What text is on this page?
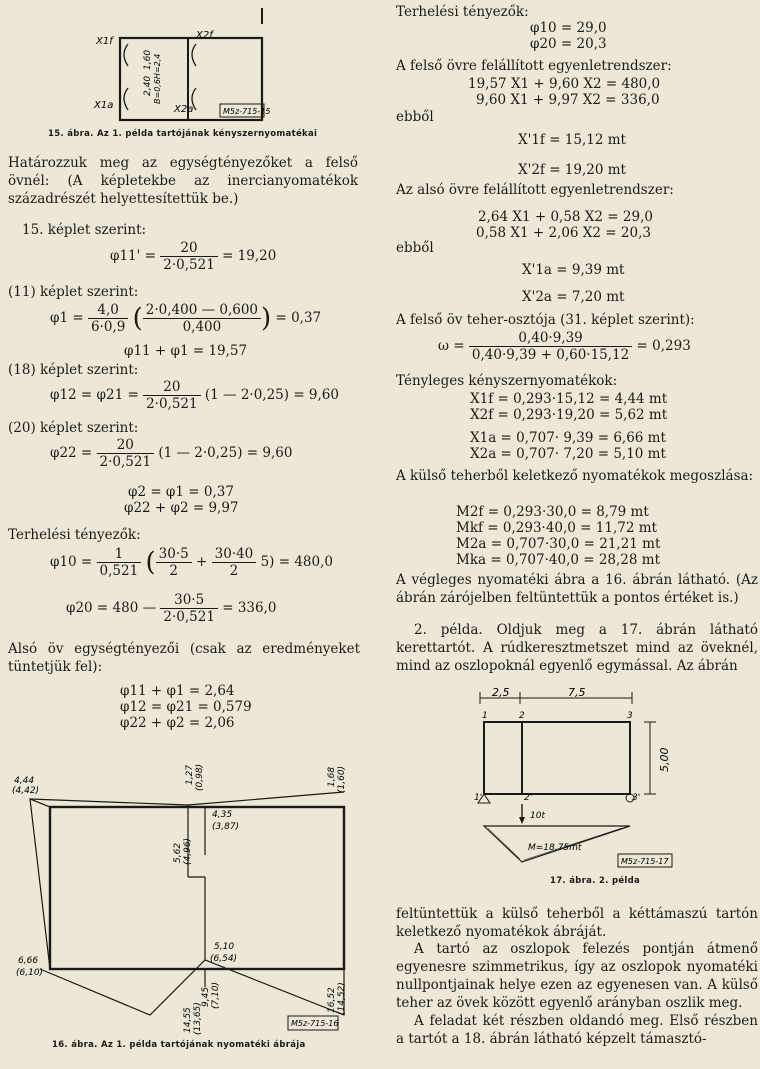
X1f
X2f
X1a	X2a
2,40
1,60 B=0,6H=2,4
M5z-715-15
15. ábra. Az 1. példa tartójának kényszernyomatékai
Határozzuk meg az egységtényezőket a felső övnél: (A képletekbe az inercianyomatékok századrészét helyettesítettük be.)
15. képlet szerint:
$\varphi 11' = \frac{20}{2\cdot 0,521} = 19,20$
(11) képlet szerint:
$\varphi 1 = \frac{4,0}{6\cdot 0,9}$ ( $\frac{2\cdot 0,400 — 0,600}{0,400}$ ) = 0,37
φ11 + φ1 = 19,57
(18) képlet szerint:
$\varphi 12 = \varphi 21 = \frac{20}{2\cdot 0,521} (1$ — 2·0,25) = 9,60
(20) képlet szerint:
$\varphi 22 = \frac{20}{2\cdot 0,521} (1$ — 2·0,25) = 9,60
φ2 = φ1 = 0,37
φ22 + φ2 = 9,97
Terhelési tényezők:
$\varphi 10 = \frac{1}{0,521}$ ( $\frac{30\cdot 5}{2} + \frac{30\cdot 40}{2} 5) = 480,0$
φ20 = 480 — $\frac{30\cdot 5}{2\cdot 0,521} = 336,0$
Alsó öv egységtényezői (csak az eredményeket tüntetjük fel):
φ11 + φ1 = 2,64
φ12 = φ21 = 0,579
φ22 + φ2 = 2,06
4,44
(4,42)
1,27 (0,98)	1,68 (1,60)
4,35
(3,87)
5,62 (4,96)
5,10
(6,54)
6,66
(6,10)
9,45 (7,10)	16,52 (14,52)
14,55 (13,65)	M5z-715-16
16. ábra. Az 1. példa tartójának nyomatéki ábrája
Terhelési tényezők:
φ10 = 29,0
φ20 = 20,3
A felső övre felállított egyenletrendszer:
19,57 X1 + 9,60 X2 = 480,0
9,60 X1 + 9,97 X2 = 336,0
ebből
X'1f = 15,12 mt
X'2f = 19,20 mt
Az alsó övre felállított egyenletrendszer:
2,64 X1 + 0,58 X2 = 29,0
0,58 X1 + 2,06 X2 = 20,3
ebből
X'1a = 9,39 mt
X'2a = 7,20 mt
A felső öv teher-osztója (31. képlet szerint):
$\omega = \frac{0,40\cdot 9,39}{0,40\cdot 9,39 + 0,60\cdot 15,12} = 0,293$
Tényleges kényszernyomatékok:
X1f = 0,293·15,12 = 4,44 mt
X2f = 0,293·19,20 = 5,62 mt
X1a = 0,707· 9,39 = 6,66 mt
X2a = 0,707· 7,20 = 5,10 mt
A külső teherből keletkező nyomatékok megoszlása:
M2f = 0,293·30,0 = 8,79 mt
Mkf = 0,293·40,0 = 11,72 mt
M2a = 0,707·30,0 = 21,21 mt
Mka = 0,707·40,0 = 28,28 mt
A végleges nyomatéki ábra a 16. ábrán látható. (Az ábrán zárójelben feltüntettük a pontos értéket is.)
2. példa. Oldjuk meg a 17. ábrán látható kerettartót. A rúdkeresztmetszet mind az öveknél, mind az oszlopoknál egyenlő egymással. Az ábrán
2,5	7,5
1	2	3
1'	2'	3'
5,00
10t
M=18,75mt
M5z-715-17
17. ábra. 2. példa
feltüntettük a külső teherből a kéttámaszú tartón keletkező nyomatékok ábráját.
A tartó az oszlopok felezés pontján átmenő egyenesre szimmetrikus, így az oszlopok nyomatéki nullpontjainak helye ezen az egyenesen van. A külső teher az övek között egyenlő arányban oszlik meg.
A feladat két részben oldandó meg. Első részben a tartót a 18. ábrán látható képzelt támasztó-
